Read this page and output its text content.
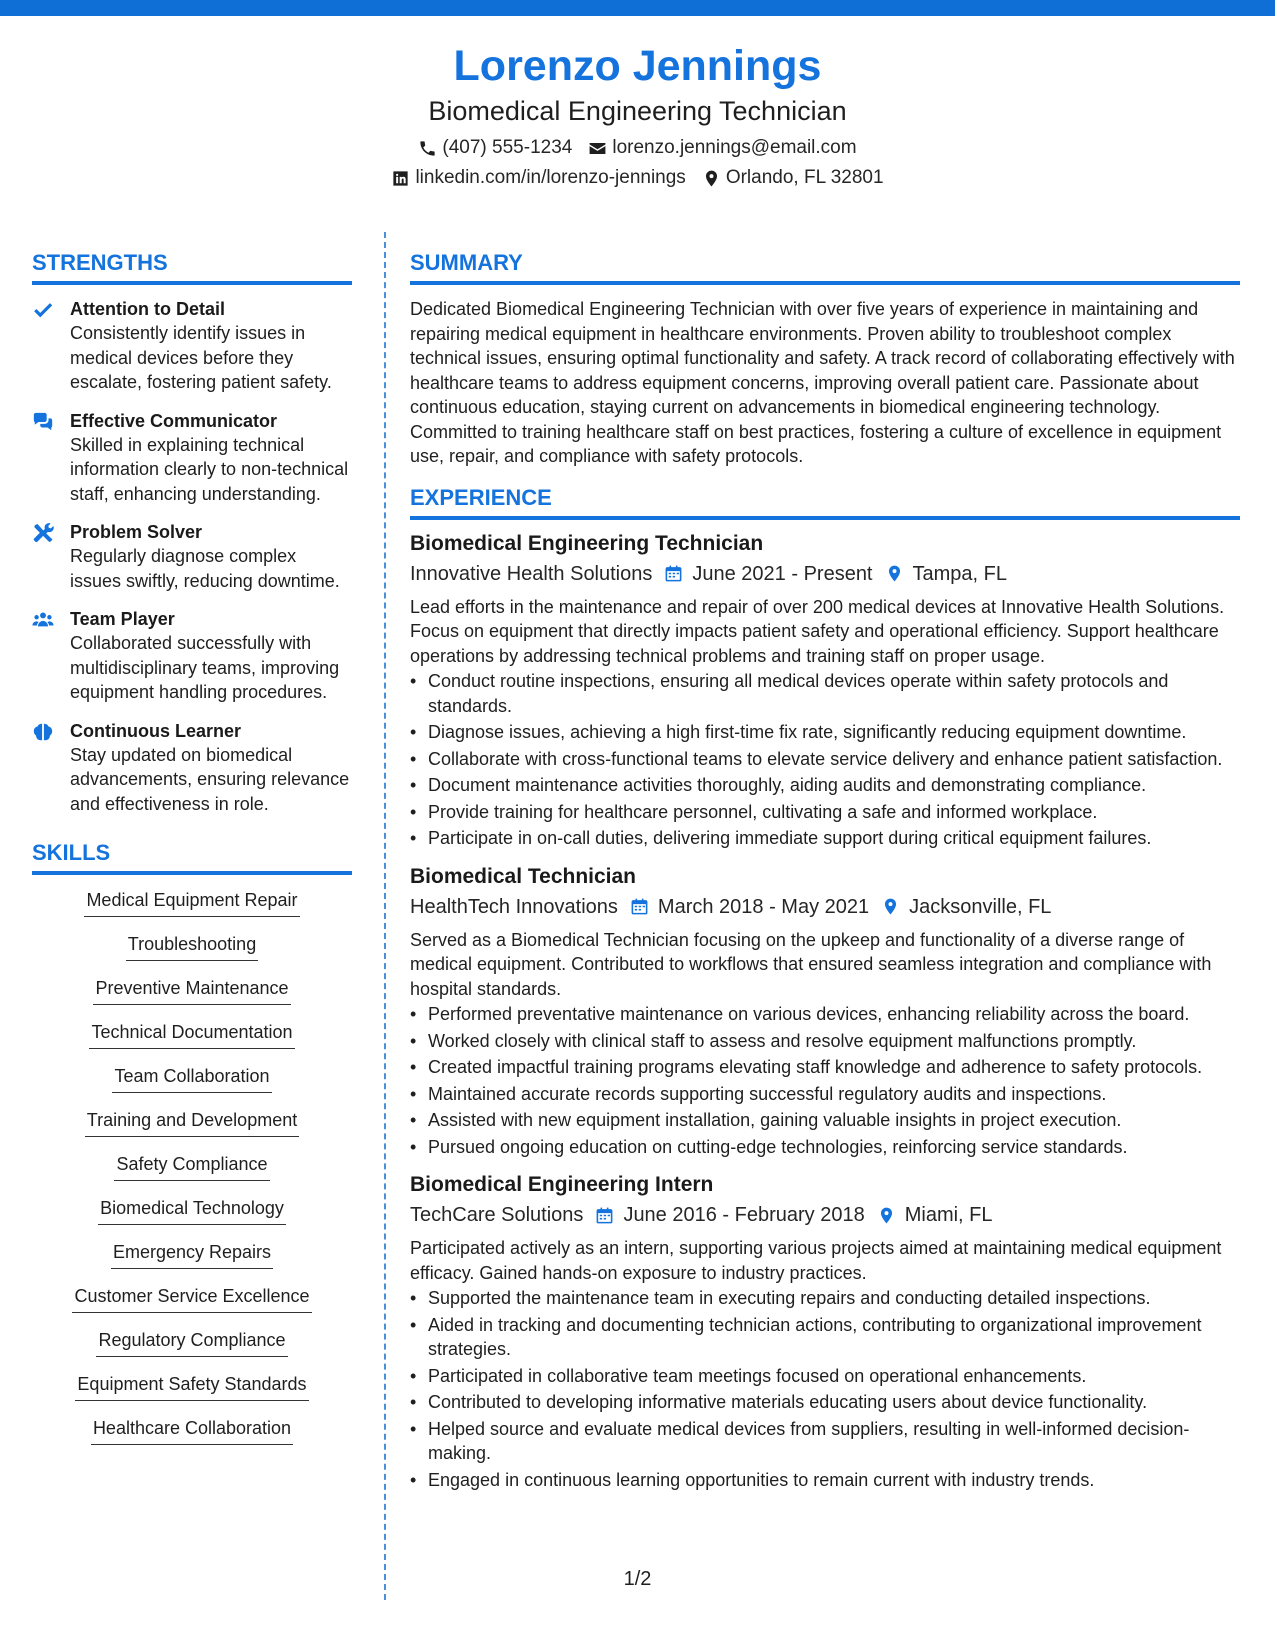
Lorenzo Jennings
Biomedical Engineering Technician
(407) 555-1234 lorenzo.jennings@email.com
linkedin.com/in/lorenzo-jennings Orlando, FL 32801
STRENGTHS
Attention to Detail
Consistently identify issues in medical devices before they escalate, fostering patient safety.
Effective Communicator
Skilled in explaining technical information clearly to non-technical staff, enhancing understanding.
Problem Solver
Regularly diagnose complex issues swiftly, reducing downtime.
Team Player
Collaborated successfully with multidisciplinary teams, improving equipment handling procedures.
Continuous Learner
Stay updated on biomedical advancements, ensuring relevance and effectiveness in role.
SKILLS
Medical Equipment Repair
Troubleshooting
Preventive Maintenance
Technical Documentation
Team Collaboration
Training and Development
Safety Compliance
Biomedical Technology
Emergency Repairs
Customer Service Excellence
Regulatory Compliance
Equipment Safety Standards
Healthcare Collaboration
SUMMARY
Dedicated Biomedical Engineering Technician with over five years of experience in maintaining and repairing medical equipment in healthcare environments. Proven ability to troubleshoot complex technical issues, ensuring optimal functionality and safety. A track record of collaborating effectively with healthcare teams to address equipment concerns, improving overall patient care. Passionate about continuous education, staying current on advancements in biomedical engineering technology. Committed to training healthcare staff on best practices, fostering a culture of excellence in equipment use, repair, and compliance with safety protocols.
EXPERIENCE
Biomedical Engineering Technician
Innovative Health Solutions June 2021 - Present Tampa, FL
Lead efforts in the maintenance and repair of over 200 medical devices at Innovative Health Solutions. Focus on equipment that directly impacts patient safety and operational efficiency. Support healthcare operations by addressing technical problems and training staff on proper usage.
• Conduct routine inspections, ensuring all medical devices operate within safety protocols and standards.
• Diagnose issues, achieving a high first-time fix rate, significantly reducing equipment downtime.
• Collaborate with cross-functional teams to elevate service delivery and enhance patient satisfaction.
• Document maintenance activities thoroughly, aiding audits and demonstrating compliance.
• Provide training for healthcare personnel, cultivating a safe and informed workplace.
• Participate in on-call duties, delivering immediate support during critical equipment failures.
Biomedical Technician
HealthTech Innovations March 2018 - May 2021 Jacksonville, FL
Served as a Biomedical Technician focusing on the upkeep and functionality of a diverse range of medical equipment. Contributed to workflows that ensured seamless integration and compliance with hospital standards.
• Performed preventative maintenance on various devices, enhancing reliability across the board.
• Worked closely with clinical staff to assess and resolve equipment malfunctions promptly.
• Created impactful training programs elevating staff knowledge and adherence to safety protocols.
• Maintained accurate records supporting successful regulatory audits and inspections.
• Assisted with new equipment installation, gaining valuable insights in project execution.
• Pursued ongoing education on cutting-edge technologies, reinforcing service standards.
Biomedical Engineering Intern
TechCare Solutions June 2016 - February 2018 Miami, FL
Participated actively as an intern, supporting various projects aimed at maintaining medical equipment efficacy. Gained hands-on exposure to industry practices.
• Supported the maintenance team in executing repairs and conducting detailed inspections.
• Aided in tracking and documenting technician actions, contributing to organizational improvement strategies.
• Participated in collaborative team meetings focused on operational enhancements.
• Contributed to developing informative materials educating users about device functionality.
• Helped source and evaluate medical devices from suppliers, resulting in well-informed decision-making.
• Engaged in continuous learning opportunities to remain current with industry trends.
1/2
